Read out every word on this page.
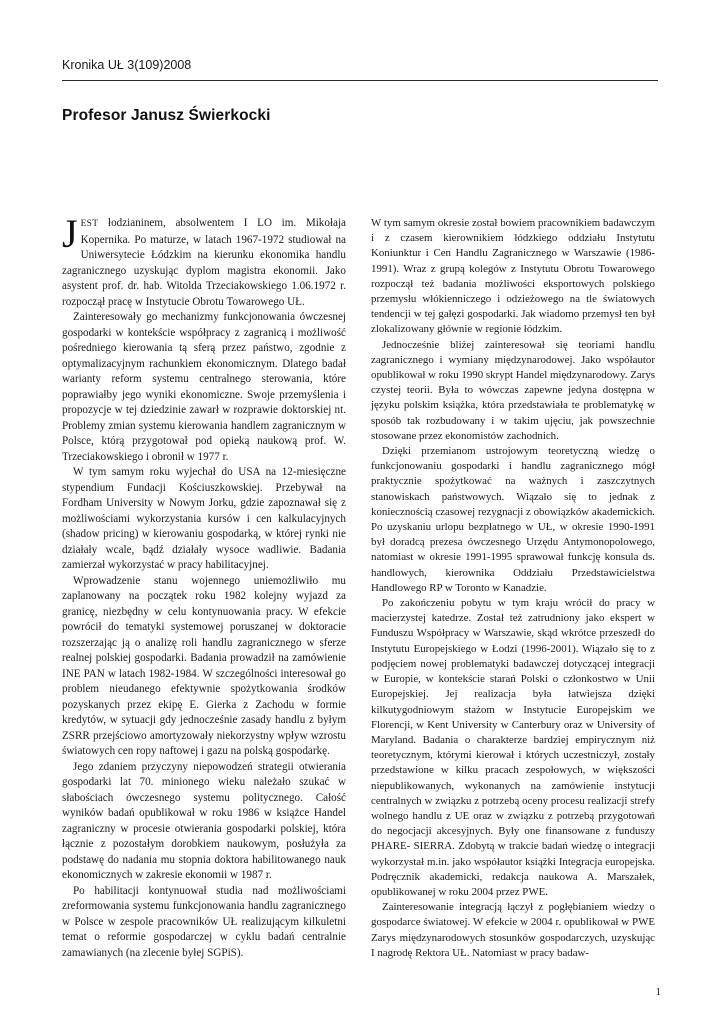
Kronika UŁ 3(109)2008
Profesor Janusz Świerkocki

JEST łodzianinem, absolwentem I LO im. Mikołaja Kopernika. Po maturze, w latach 1967-1972 studiował na Uniwersytecie Łódzkim na kierunku ekonomika handlu zagranicznego uzyskując dyplom magistra ekonomii. Jako asystent prof. dr. hab. Witolda Trzeciakowskiego 1.06.1972 r. rozpoczął pracę w Instytucie Obrotu Towarowego UŁ.

Zainteresowały go mechanizmy funkcjonowania ówczesnej gospodarki w kontekście współpracy z zagranicą i możliwość pośredniego kierowania tą sferą przez państwo, zgodnie z optymalizacyjnym rachunkiem ekonomicznym. Dlatego badał warianty reform systemu centralnego sterowania, które poprawiałby jego wyniki ekonomiczne. Swoje przemyślenia i propozycje w tej dziedzinie zawarł w rozprawie doktorskiej nt. Problemy zmian systemu kierowania handlem zagranicznym w Polsce, którą przygotował pod opieką naukową prof. W. Trzeciakowskiego i obronił w 1977 r.

W tym samym roku wyjechał do USA na 12-miesięczne stypendium Fundacji Kościuszkowskiej. Przebywał na Fordham University w Nowym Jorku, gdzie zapoznawał się z możliwościami wykorzystania kursów i cen kalkulacyjnych (shadow pricing) w kierowaniu gospodarką, w której rynki nie działały wcale, bądź działały wysoce wadliwie. Badania zamierzał wykorzystać w pracy habilitacyjnej.

Wprowadzenie stanu wojennego uniemożliwiło mu zaplanowany na początek roku 1982 kolejny wyjazd za granicę, niezbędny w celu kontynuowania pracy. W efekcie powrócił do tematyki systemowej poruszanej w doktoracie rozszerzając ją o analizę roli handlu zagranicznego w sferze realnej polskiej gospodarki. Badania prowadził na zamówienie INE PAN w latach 1982-1984. W szczególności interesował go problem nieudanego efektywnie spożytkowania środków pozyskanych przez ekipę E. Gierka z Zachodu w formie kredytów, w sytuacji gdy jednocześnie zasady handlu z byłym ZSRR przejściowo amortyzowały niekorzystny wpływ wzrostu światowych cen ropy naftowej i gazu na polską gospodarkę.

Jego zdaniem przyczyny niepowodzeń strategii otwierania gospodarki lat 70. minionego wieku należało szukać w słabościach ówczesnego systemu politycznego. Całość wyników badań opublikował w roku 1986 w książce Handel zagraniczny w procesie otwierania gospodarki polskiej, która łącznie z pozostałym dorobkiem naukowym, posłużyła za podstawę do nadania mu stopnia doktora habilitowanego nauk ekonomicznych w zakresie ekonomii w 1987 r.

Po habilitacji kontynuował studia nad możliwościami zreformowania systemu funkcjonowania handlu zagranicznego w Polsce w zespole pracowników UŁ realizującym kilkuletni temat o reformie gospodarczej w cyklu badań centralnie zamawianych (na zlecenie byłej SGPiS).

W tym samym okresie został bowiem pracownikiem badawczym i z czasem kierownikiem łódzkiego oddziału Instytutu Koniunktur i Cen Handlu Zagranicznego w Warszawie (1986-1991). Wraz z grupą kolegów z Instytutu Obrotu Towarowego rozpoczął też badania możliwości eksportowych polskiego przemysłu włókienniczego i odzieżowego na tle światowych tendencji w tej gałęzi gospodarki. Jak wiadomo przemysł ten był zlokalizowany głównie w regionie łódzkim.

Jednocześnie bliżej zainteresował się teoriami handlu zagranicznego i wymiany międzynarodowej. Jako współautor opublikował w roku 1990 skrypt Handel międzynarodowy. Zarys czystej teorii. Była to wówczas zapewne jedyna dostępna w języku polskim książka, która przedstawiała te problematykę w sposób tak rozbudowany i w takim ujęciu, jak powszechnie stosowane przez ekonomistów zachodnich.

Dzięki przemianom ustrojowym teoretyczną wiedzę o funkcjonowaniu gospodarki i handlu zagranicznego mógł praktycznie spożytkować na ważnych i zaszczytnych stanowiskach państwowych. Wiązało się to jednak z koniecznością czasowej rezygnacji z obowiązków akademickich. Po uzyskaniu urlopu bezpłatnego w UŁ, w okresie 1990-1991 był doradcą prezesa ówczesnego Urzędu Antymonopolowego, natomiast w okresie 1991-1995 sprawował funkcję konsula ds. handlowych, kierownika Oddziału Przedstawicielstwa Handlowego RP w Toronto w Kanadzie.

Po zakończeniu pobytu w tym kraju wrócił do pracy w macierzystej katedrze. Został też zatrudniony jako ekspert w Funduszu Współpracy w Warszawie, skąd wkrótce przeszedł do Instytutu Europejskiego w Łodzi (1996-2001). Wiązało się to z podjęciem nowej problematyki badawczej dotyczącej integracji w Europie, w kontekście starań Polski o członkostwo w Unii Europejskiej. Jej realizacja była łatwiejsza dzięki kilkutygodniowym stażom w Instytucie Europejskim we Florencji, w Kent University w Canterbury oraz w University of Maryland. Badania o charakterze bardziej empirycznym niż teoretycznym, którymi kierował i których uczestniczył, zostały przedstawione w kilku pracach zespołowych, w większości niepublikowanych, wykonanych na zamówienie instytucji centralnych w związku z potrzebą oceny procesu realizacji strefy wolnego handlu z UE oraz w związku z potrzebą przygotowań do negocjacji akcesyjnych. Były one finansowane z funduszy PHARE- SIERRA. Zdobytą w trakcie badań wiedzę o integracji wykorzystał m.in. jako współautor książki Integracja europejska. Podręcznik akademicki, redakcja naukowa A. Marszałek, opublikowanej w roku 2004 przez PWE.

Zainteresowanie integracją łączył z pogłębianiem wiedzy o gospodarce światowej. W efekcie w 2004 r. opublikował w PWE Zarys międzynarodowych stosunków gospodarczych, uzyskując I nagrodę Rektora UŁ. Natomiast w pracy badaw-

1
